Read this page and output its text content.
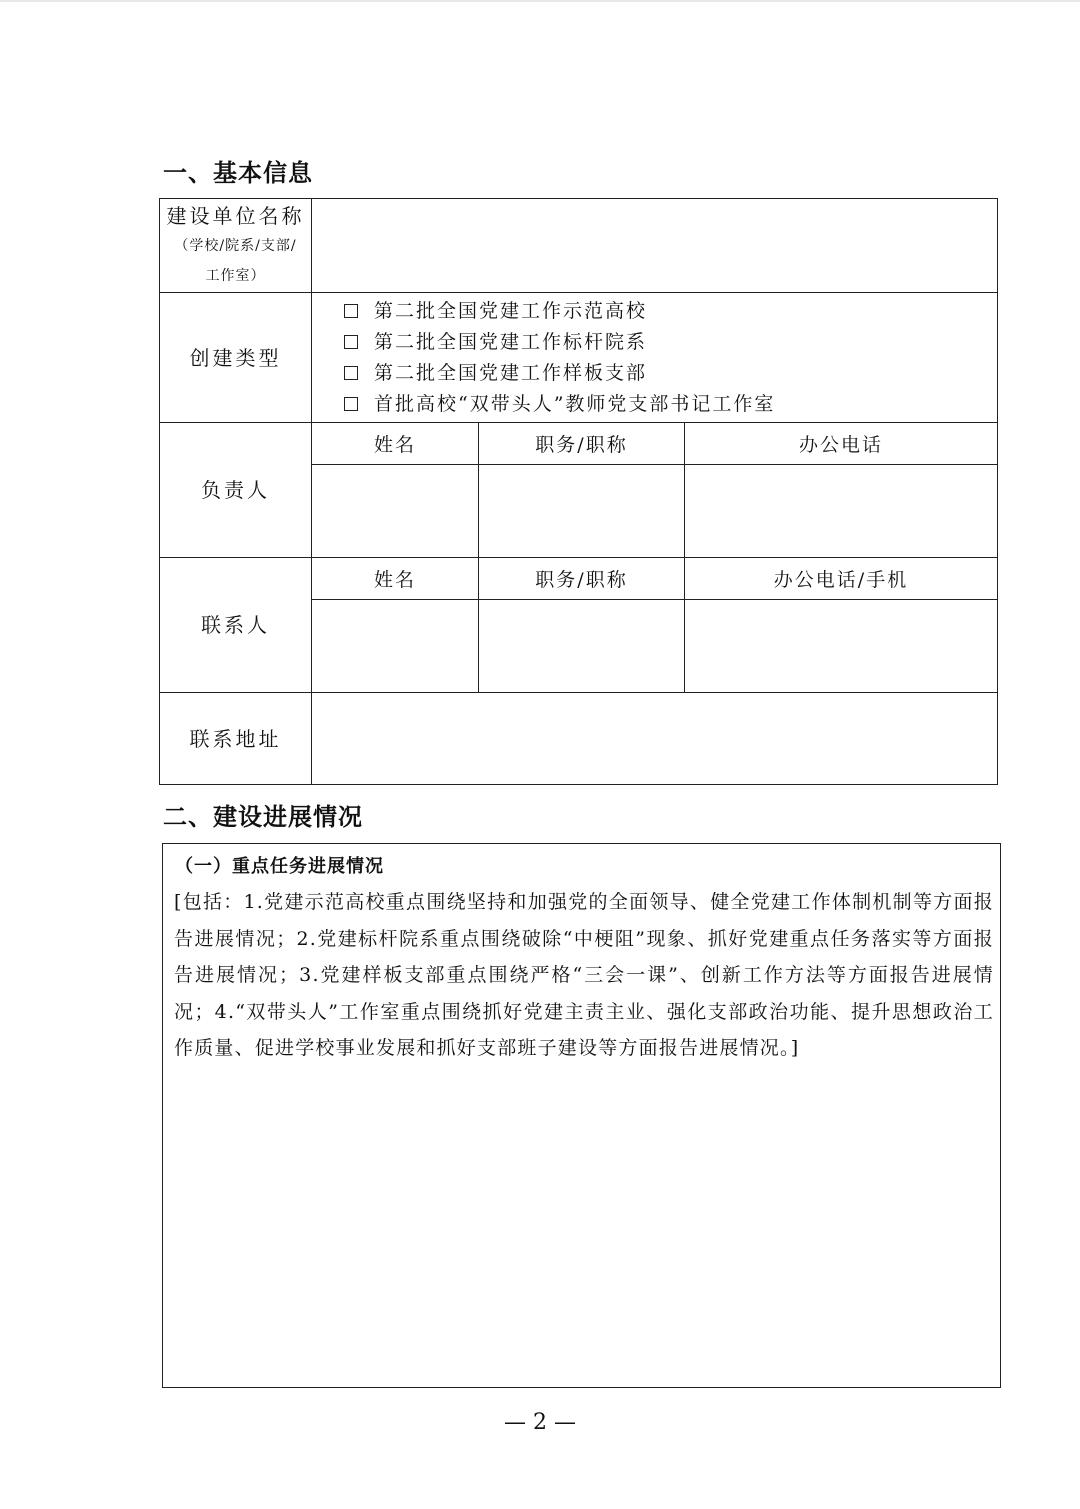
一、基本信息
建设单位名称
（学校/院系/支部/
工作室）			

创建类型	第二批全国党建工作示范高校
第二批全国党建工作标杆院系
第二批全国党建工作样板支部
首批高校“双带头人”教师党支部书记工作室		

负责人	姓名	职务/职称	办公电话

联系人	姓名	职务/职称	办公电话/手机

联系地址			

二、建设进展情况
（一）重点任务进展情况
[包括：1.党建示范高校重点围绕坚持和加强党的全面领导、健全党建工作体制机制等方面报告进展情况；2.党建标杆院系重点围绕破除“中梗阻”现象、抓好党建重点任务落实等方面报告进展情况；3.党建样板支部重点围绕严格“三会一课”、创新工作方法等方面报告进展情况；4.“双带头人”工作室重点围绕抓好党建主责主业、强化支部政治功能、提升思想政治工作质量、促进学校事业发展和抓好支部班子建设等方面报告进展情况。]
— 2 —
